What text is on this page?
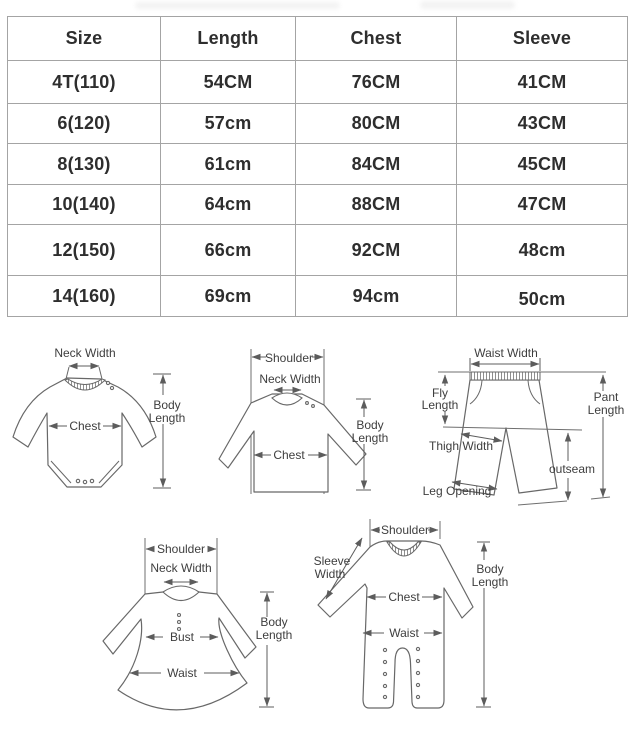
Size	Length	Chest	Sleeve
4T(110)	54CM	76CM	41CM
6(120)	57cm	80CM	43CM
8(130)	61cm	84CM	45CM
10(140)	64cm	88CM	47CM
12(150)	66cm	92CM	48cm
14(160)	69cm	94cm	50cm
Neck Width
Chest
Body
Length
Shoulder
Neck Width
Chest
Body
Length
Waist Width
Fly
Length
Pant
Length
Thigh Width
outseam
Leg Opening
Shoulder
Neck Width
Bust
Waist
Body
Length
Shoulder
Sleeve
Width
Chest
Waist
Body
Length
